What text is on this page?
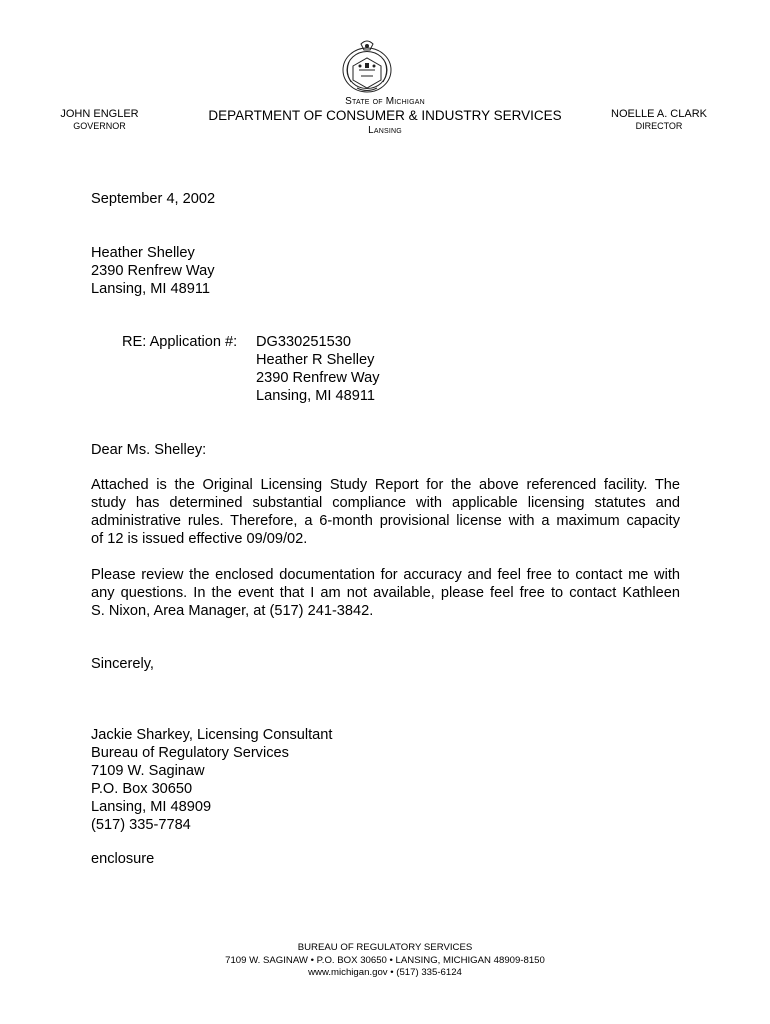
State of Michigan
DEPARTMENT OF CONSUMER & INDUSTRY SERVICES
Lansing
JOHN ENGLER
GOVERNOR
NOELLE A. CLARK
DIRECTOR
September 4, 2002
Heather Shelley
2390 Renfrew Way
Lansing, MI 48911
RE: Application #: DG330251530
Heather R Shelley
2390 Renfrew Way
Lansing, MI 48911
Dear Ms. Shelley:
Attached is the Original Licensing Study Report for the above referenced facility. The
study has determined substantial compliance with applicable licensing statutes and
administrative rules. Therefore, a 6-month provisional license with a maximum capacity
of 12 is issued effective 09/09/02.
Please review the enclosed documentation for accuracy and feel free to contact me with
any questions. In the event that I am not available, please feel free to contact Kathleen
S. Nixon, Area Manager, at (517) 241-3842.
Sincerely,
Jackie Sharkey, Licensing Consultant
Bureau of Regulatory Services
7109 W. Saginaw
P.O. Box 30650
Lansing, MI 48909
(517) 335-7784
enclosure
BUREAU OF REGULATORY SERVICES
7109 W. SAGINAW • P.O. BOX 30650 • LANSING, MICHIGAN 48909-8150
www.michigan.gov • (517) 335-6124
